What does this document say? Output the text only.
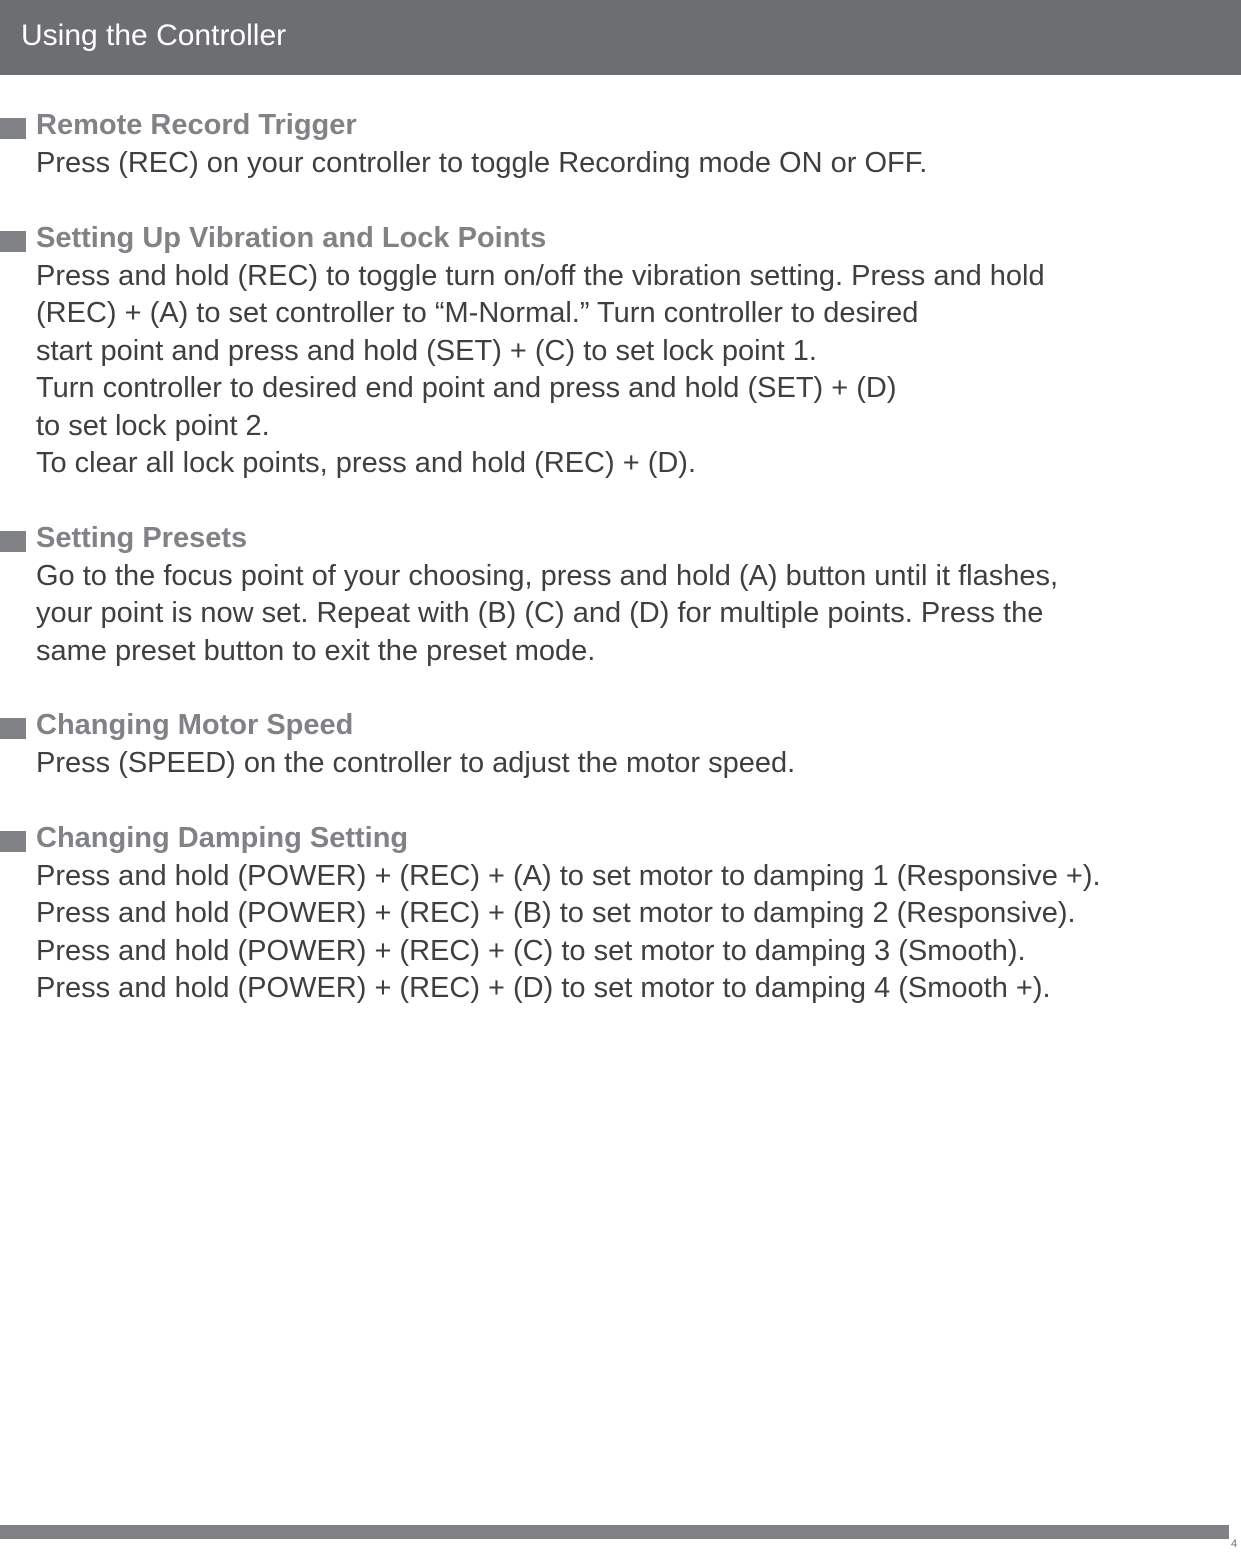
Using the Controller
Remote Record Trigger
Press (REC) on your controller to toggle Recording mode ON or OFF.
Setting Up Vibration and Lock Points
Press and hold (REC) to toggle turn on/off the vibration setting. Press and hold
(REC) + (A) to set controller to “M-Normal.” Turn controller to desired
start point and press and hold (SET) + (C) to set lock point 1.
Turn controller to desired end point and press and hold (SET) + (D)
to set lock point 2.
To clear all lock points, press and hold (REC) + (D).
Setting Presets
Go to the focus point of your choosing, press and hold (A) button until it flashes,
your point is now set. Repeat with (B) (C) and (D) for multiple points. Press the
same preset button to exit the preset mode.
Changing Motor Speed
Press (SPEED) on the controller to adjust the motor speed.
Changing Damping Setting
Press and hold (POWER) + (REC) + (A) to set motor to damping 1 (Responsive +).
Press and hold (POWER) + (REC) + (B) to set motor to damping 2 (Responsive).
Press and hold (POWER) + (REC) + (C) to set motor to damping 3 (Smooth).
Press and hold (POWER) + (REC) + (D) to set motor to damping 4 (Smooth +).
4
